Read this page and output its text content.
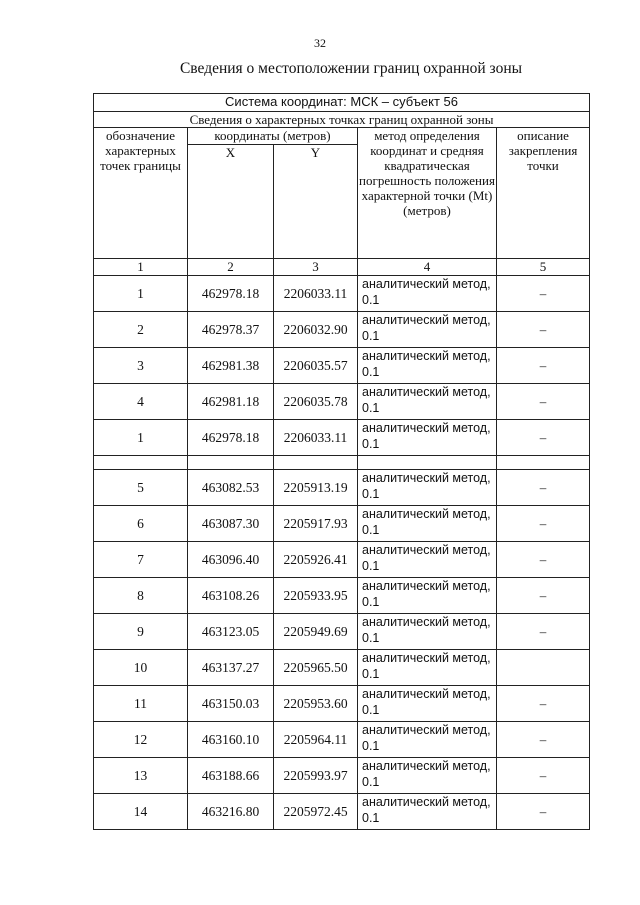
32
Сведения о местоположении границ охранной зоны
Система координат: МСК – субъект 56				
Сведения о характерных точках границ охранной зоны				
обозначение характерных точек границы	координаты (метров)		метод определения координат и средняя квадратическая погрешность положения характерной точки (Mt) (метров)	описание закрепления точки
	X	Y		
1	2	3	4	5
1	462978.18	2206033.11	аналитический метод, 0.1	–
2	462978.37	2206032.90	аналитический метод, 0.1	–
3	462981.38	2206035.57	аналитический метод, 0.1	–
4	462981.18	2206035.78	аналитический метод, 0.1	–
1	462978.18	2206033.11	аналитический метод, 0.1	–

5	463082.53	2205913.19	аналитический метод, 0.1	–
6	463087.30	2205917.93	аналитический метод, 0.1	–
7	463096.40	2205926.41	аналитический метод, 0.1	–
8	463108.26	2205933.95	аналитический метод, 0.1	–
9	463123.05	2205949.69	аналитический метод, 0.1	–
10	463137.27	2205965.50	аналитический метод, 0.1	
11	463150.03	2205953.60	аналитический метод, 0.1	–
12	463160.10	2205964.11	аналитический метод, 0.1	–
13	463188.66	2205993.97	аналитический метод, 0.1	–
14	463216.80	2205972.45	аналитический метод, 0.1	–
